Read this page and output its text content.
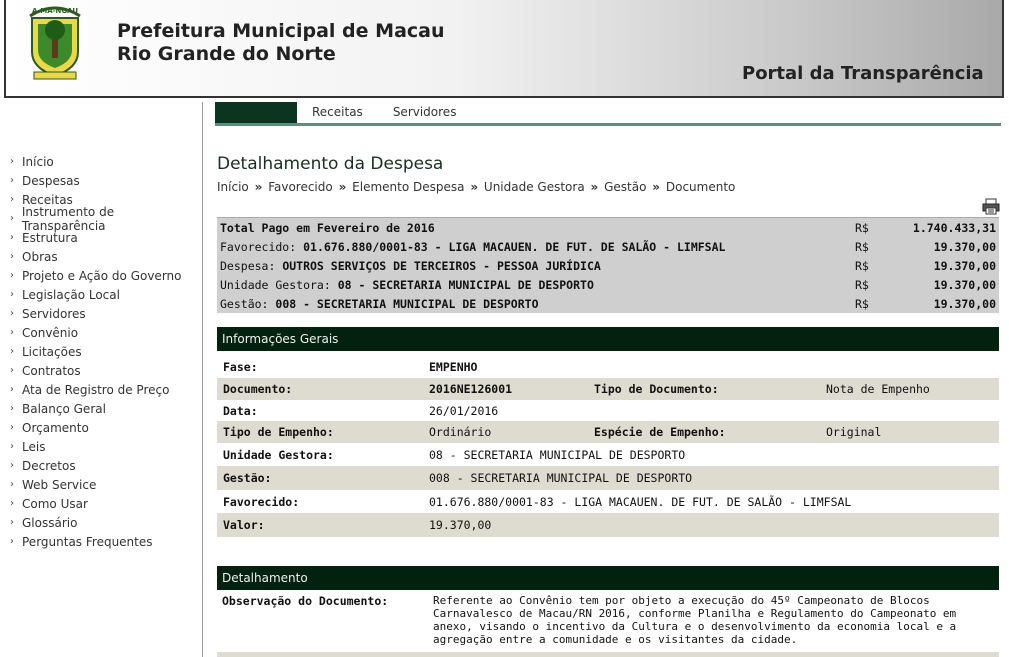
A-MA-NGAU
Prefeitura Municipal de Macau
Rio Grande do Norte
Portal da Transparência
› Início
› Despesas
› Receitas
› Instrumento de Transparência
› Estrutura
› Obras
› Projeto e Ação do Governo
› Legislação Local
› Servidores
› Convênio
› Licitações
› Contratos
› Ata de Registro de Preço
› Balanço Geral
› Orçamento
› Leis
› Decretos
› Web Service
› Como Usar
› Glossário
› Perguntas Frequentes
Despesas	Receitas	Servidores
Detalhamento da Despesa
Início » Favorecido » Elemento Despesa » Unidade Gestora » Gestão » Documento
Total Pago em Fevereiro de 2016	R$	1.740.433,31
Favorecido: 01.676.880/0001-83 - LIGA MACAUEN. DE FUT. DE SALÃO - LIMFSAL	R$	19.370,00
Despesa: OUTROS SERVIÇOS DE TERCEIROS - PESSOA JURÍDICA	R$	19.370,00
Unidade Gestora: 08 - SECRETARIA MUNICIPAL DE DESPORTO	R$	19.370,00
Gestão: 008 - SECRETARIA MUNICIPAL DE DESPORTO	R$	19.370,00
Informações Gerais
Fase:	EMPENHO
Documento:	2016NE126001	Tipo de Documento:	Nota de Empenho
Data:	26/01/2016
Tipo de Empenho:	Ordinário	Espécie de Empenho:	Original
Unidade Gestora:	08 - SECRETARIA MUNICIPAL DE DESPORTO
Gestão:	008 - SECRETARIA MUNICIPAL DE DESPORTO
Favorecido:	01.676.880/0001-83 - LIGA MACAUEN. DE FUT. DE SALÃO - LIMFSAL
Valor:	19.370,00
Detalhamento
Observação do Documento:	Referente ao Convênio tem por objeto a execução do 45º Campeonato de Blocos Carnavalesco de Macau/RN 2016, conforme Planilha e Regulamento do Campeonato em anexo, visando o incentivo da Cultura e o desenvolvimento da economia local e a agregação entre a comunidade e os visitantes da cidade.
